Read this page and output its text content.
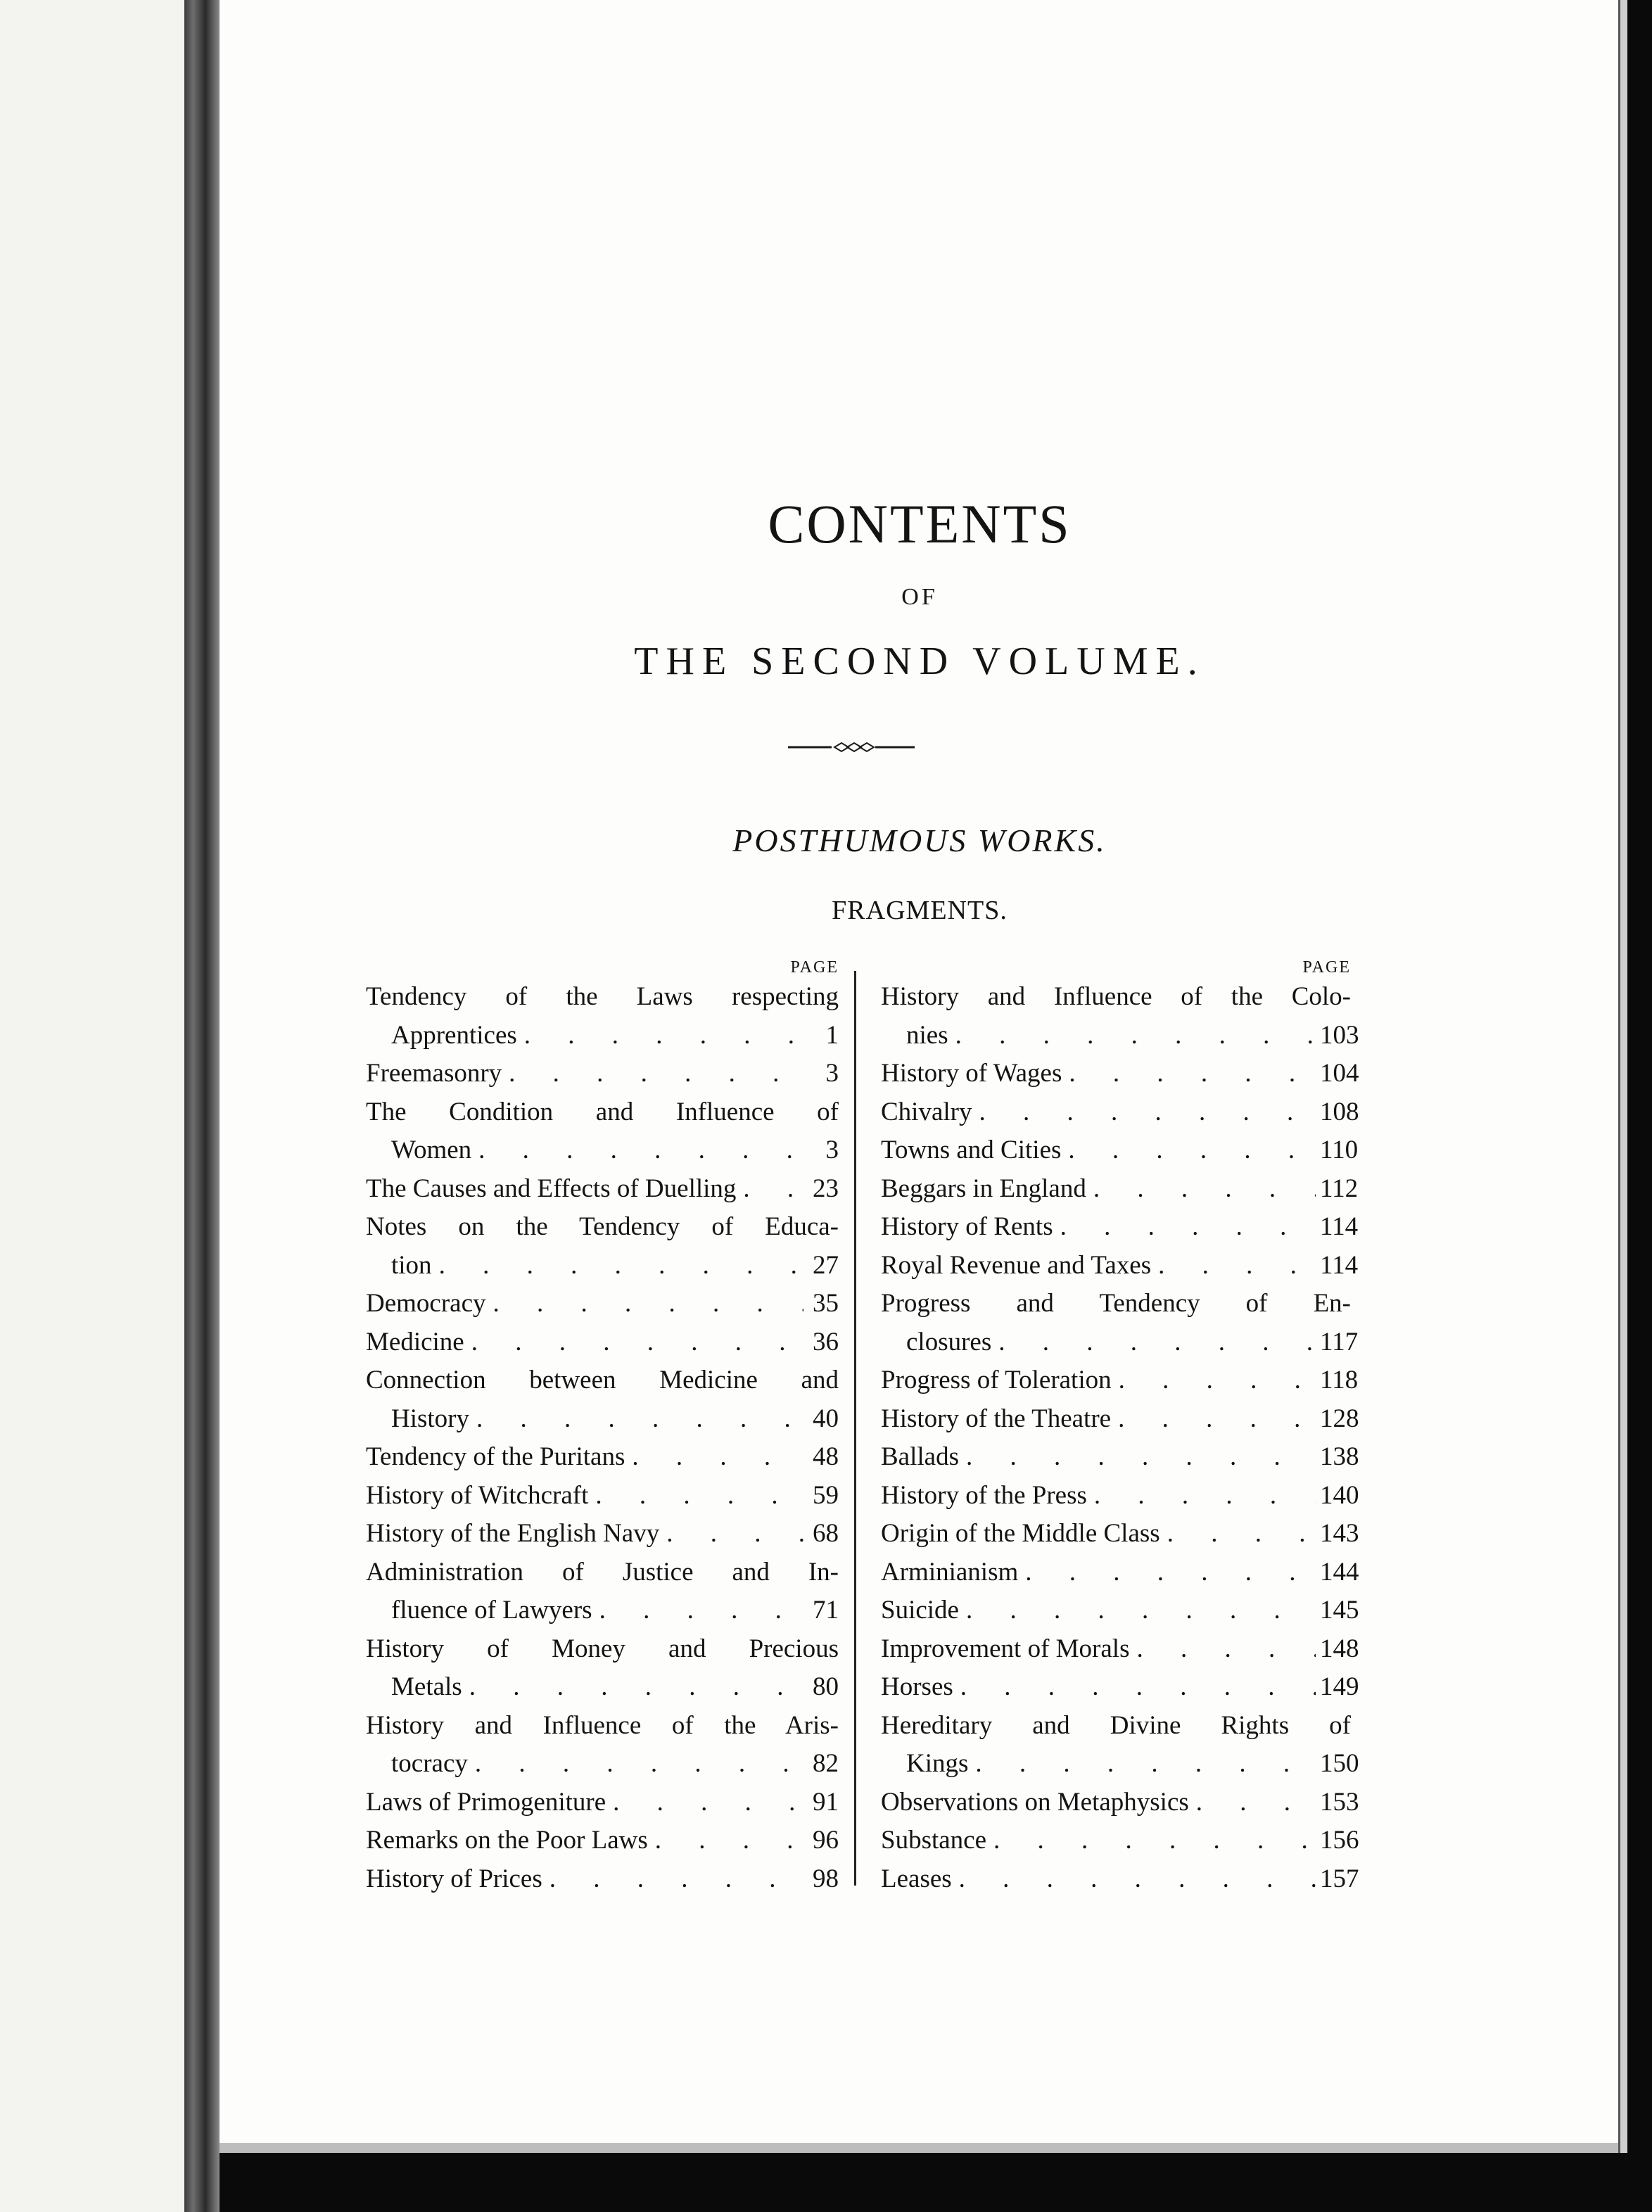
CONTENTS
OF
THE SECOND VOLUME.
POSTHUMOUS WORKS.
FRAGMENTS.
PAGE
Tendency of the Laws respecting
Apprentices . . .	1
Freemasonry . . .	3
The Condition and Influence of
Women . . .	3
The Causes and Effects of Duelling . . .	23
Notes on the Tendency of Educa-
tion . . .	27
Democracy . . .	35
Medicine . . .	36
Connection between Medicine and
History . . .	40
Tendency of the Puritans . . .	48
History of Witchcraft . . .	59
History of the English Navy . . .	68
Administration of Justice and In-
fluence of Lawyers . . .	71
History of Money and Precious
Metals . . .	80
History and Influence of the Aris-
tocracy . . .	82
Laws of Primogeniture . . .	91
Remarks on the Poor Laws . . .	96
History of Prices . . .	98
PAGE
History and Influence of the Colo-
nies . . .	103
History of Wages . . .	104
Chivalry . . .	108
Towns and Cities . . .	110
Beggars in England . . .	112
History of Rents . . .	114
Royal Revenue and Taxes . . .	114
Progress and Tendency of En-
closures . . .	117
Progress of Toleration . . .	118
History of the Theatre . . .	128
Ballads . . .	138
History of the Press . . .	140
Origin of the Middle Class . . .	143
Arminianism . . .	144
Suicide . . .	145
Improvement of Morals . . .	148
Horses . . .	149
Hereditary and Divine Rights of
Kings . . .	150
Observations on Metaphysics . . .	153
Substance . . .	156
Leases . . .	157
